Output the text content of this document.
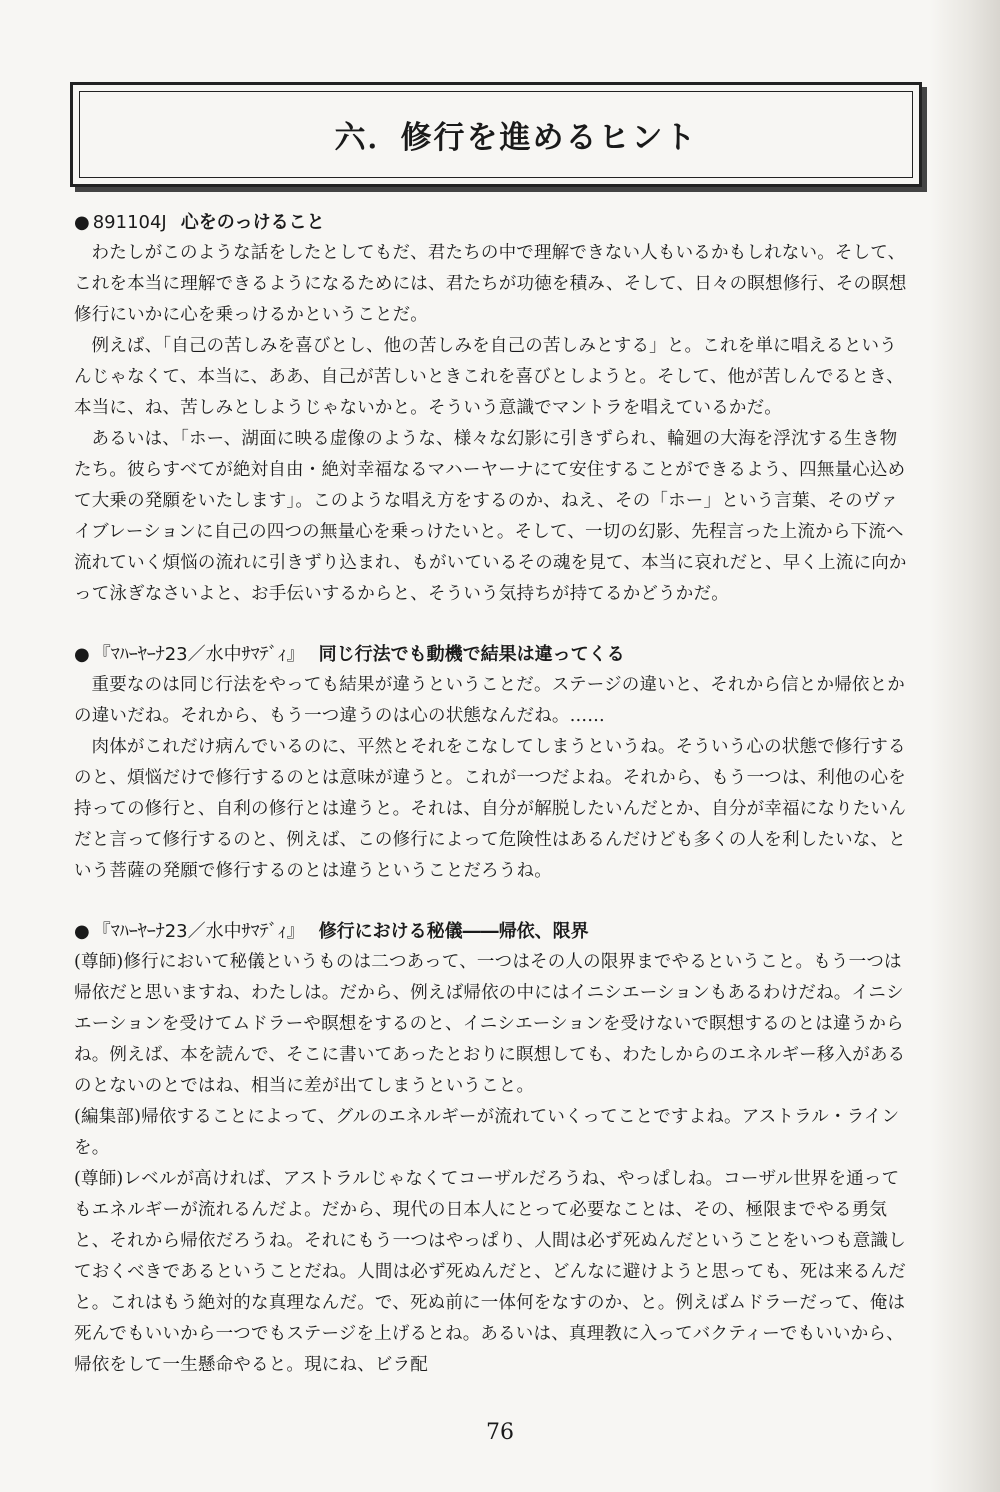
六．修行を進めるヒント
● 891104J 心をのっけること

わたしがこのような話をしたとしてもだ、君たちの中で理解できない人もいるかもしれない。そして、これを本当に理解できるようになるためには、君たちが功徳を積み、そして、日々の瞑想修行、その瞑想修行にいかに心を乗っけるかということだ。

例えば、「自己の苦しみを喜びとし、他の苦しみを自己の苦しみとする」と。これを単に唱えるというんじゃなくて、本当に、ああ、自己が苦しいときこれを喜びとしようと。そして、他が苦しんでるとき、本当に、ね、苦しみとしようじゃないかと。そういう意識でマントラを唱えているかだ。

あるいは、「ホー、湖面に映る虚像のような、様々な幻影に引きずられ、輪廻の大海を浮沈する生き物たち。彼らすべてが絶対自由・絶対幸福なるマハーヤーナにて安住することができるよう、四無量心込めて大乗の発願をいたします」。このような唱え方をするのか、ねえ、その「ホー」という言葉、そのヴァイブレーションに自己の四つの無量心を乗っけたいと。そして、一切の幻影、先程言った上流から下流へ流れていく煩悩の流れに引きずり込まれ、もがいているその魂を見て、本当に哀れだと、早く上流に向かって泳ぎなさいよと、お手伝いするからと、そういう気持ちが持てるかどうかだ。

● 『ﾏﾊｰﾔｰﾅ23／水中ｻﾏﾃﾞｨ』 同じ行法でも動機で結果は違ってくる

重要なのは同じ行法をやっても結果が違うということだ。ステージの違いと、それから信とか帰依とかの違いだね。それから、もう一つ違うのは心の状態なんだね。……

肉体がこれだけ病んでいるのに、平然とそれをこなしてしまうというね。そういう心の状態で修行するのと、煩悩だけで修行するのとは意味が違うと。これが一つだよね。それから、もう一つは、利他の心を持っての修行と、自利の修行とは違うと。それは、自分が解脱したいんだとか、自分が幸福になりたいんだと言って修行するのと、例えば、この修行によって危険性はあるんだけども多くの人を利したいな、という菩薩の発願で修行するのとは違うということだろうね。

● 『ﾏﾊｰﾔｰﾅ23／水中ｻﾏﾃﾞｨ』 修行における秘儀――帰依、限界

(尊師)修行において秘儀というものは二つあって、一つはその人の限界までやるということ。もう一つは帰依だと思いますね、わたしは。だから、例えば帰依の中にはイニシエーションもあるわけだね。イニシエーションを受けてムドラーや瞑想をするのと、イニシエーションを受けないで瞑想するのとは違うからね。例えば、本を読んで、そこに書いてあったとおりに瞑想しても、わたしからのエネルギー移入があるのとないのとではね、相当に差が出てしまうということ。

(編集部)帰依することによって、グルのエネルギーが流れていくってことですよね。アストラル・ラインを。

(尊師)レベルが高ければ、アストラルじゃなくてコーザルだろうね、やっぱしね。コーザル世界を通ってもエネルギーが流れるんだよ。だから、現代の日本人にとって必要なことは、その、極限までやる勇気と、それから帰依だろうね。それにもう一つはやっぱり、人間は必ず死ぬんだということをいつも意識しておくべきであるということだね。人間は必ず死ぬんだと、どんなに避けようと思っても、死は来るんだと。これはもう絶対的な真理なんだ。で、死ぬ前に一体何をなすのか、と。例えばムドラーだって、俺は死んでもいいから一つでもステージを上げるとね。あるいは、真理教に入ってバクティーでもいいから、帰依をして一生懸命やると。現にね、ビラ配

76
